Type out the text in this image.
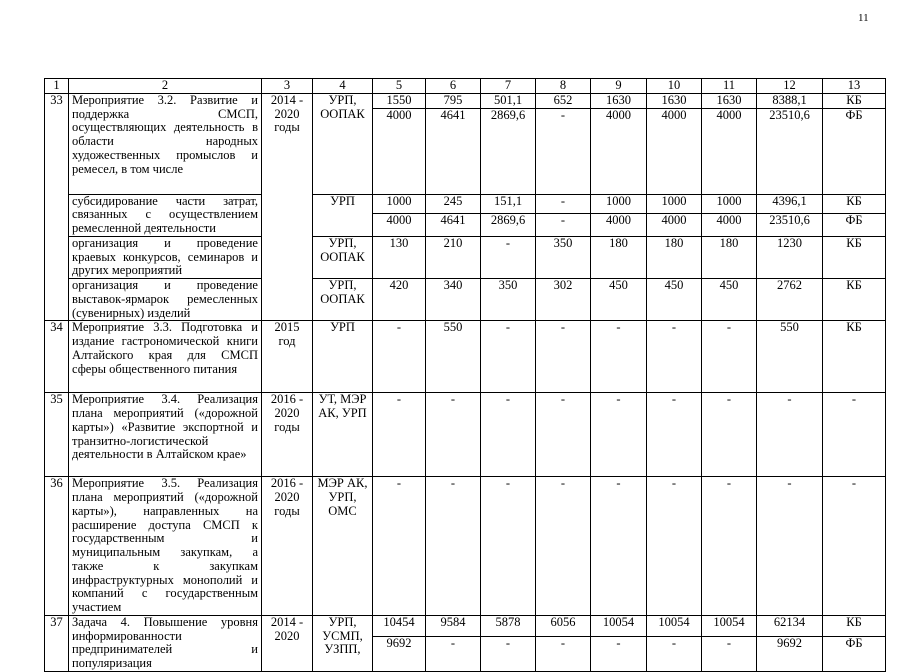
11
1	2	3	4	5	6	7	8	9	10	11	12	13
33	Мероприятие 3.2. Развитие и поддержка СМСП, осуществляющих деятельность в области народных художественных промыслов и ремесел, в том числе	2014 - 2020 годы	УРП, ООПАК	1550	795	501,1	652	1630	1630	1630	8388,1	КБ
				4000	4641	2869,6	-	4000	4000	4000	23510,6	ФБ
	субсидирование части затрат, связанных с осуществлением ремесленной деятельности		УРП	1000	245	151,1	-	1000	1000	1000	4396,1	КБ
				4000	4641	2869,6	-	4000	4000	4000	23510,6	ФБ
	организация и проведение краевых конкурсов, семинаров и других мероприятий		УРП, ООПАК	130	210	-	350	180	180	180	1230	КБ
	организация и проведение выставок-ярмарок ремесленных (сувенирных) изделий		УРП, ООПАК	420	340	350	302	450	450	450	2762	КБ
34	Мероприятие 3.3. Подготовка и издание гастрономической книги Алтайского края для СМСП сферы общественного питания	2015 год	УРП	-	550	-	-	-	-	-	550	КБ
35	Мероприятие 3.4. Реализация плана мероприятий («дорожной карты») «Развитие экспортной и транзитно-логистической деятельности в Алтайском крае»	2016 - 2020 годы	УТ, МЭР АК, УРП	-	-	-	-	-	-	-	-	-
36	Мероприятие 3.5. Реализация плана мероприятий («дорожной карты»), направленных на расширение доступа СМСП к государственным и муниципальным закупкам, а также к закупкам инфраструктурных монополий и компаний с государственным участием	2016 - 2020 годы	МЭР АК, УРП, ОМС	-	-	-	-	-	-	-	-	-
37	Задача 4. Повышение уровня информированности предпринимателей и популяризация	2014 - 2020	УРП, УСМП, УЗПП,	10454	9584	5878	6056	10054	10054	10054	62134	КБ
				9692	-	-	-	-	-	-	9692	ФБ
